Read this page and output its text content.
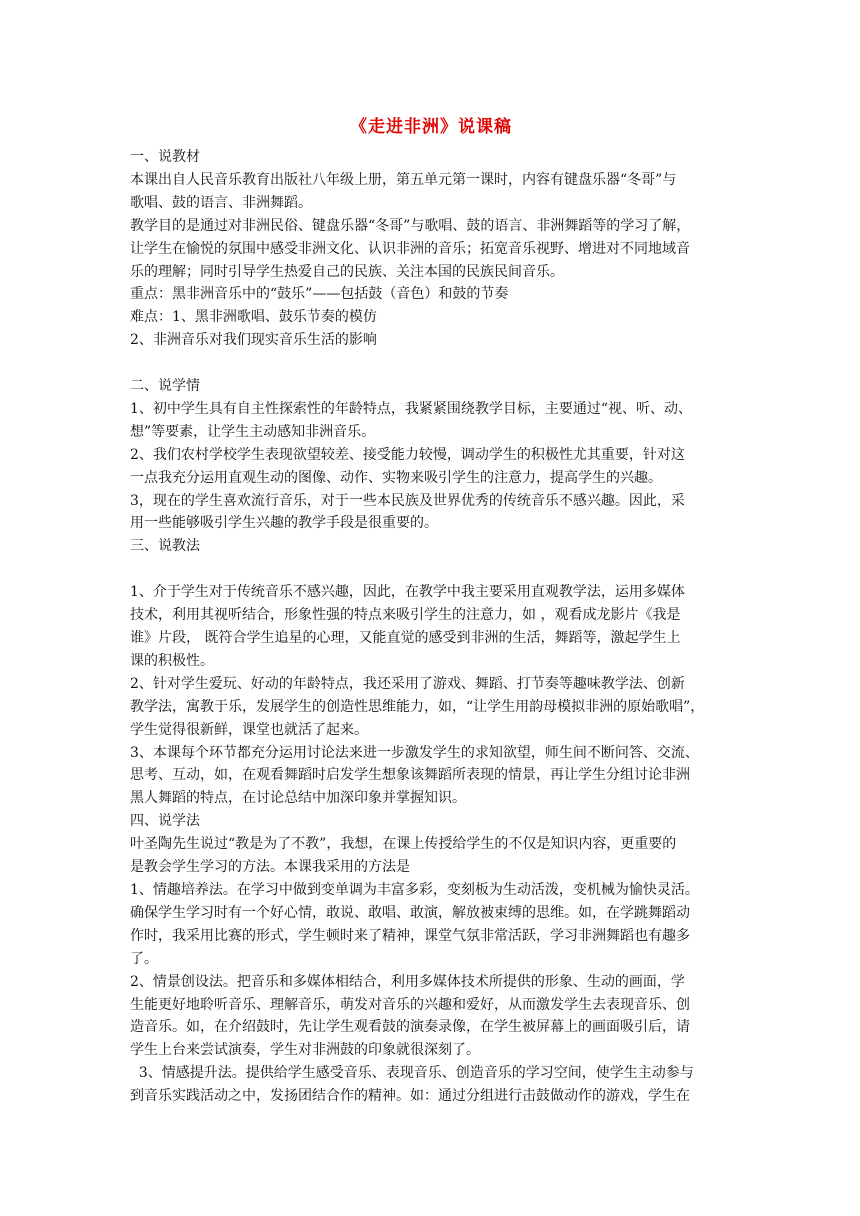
《走进非洲》说课稿

一、说教材

本课出自人民音乐教育出版社八年级上册，第五单元第一课时，内容有键盘乐器“冬哥”与

歌唱、鼓的语言、非洲舞蹈。

教学目的是通过对非洲民俗、键盘乐器“冬哥”与歌唱、鼓的语言、非洲舞蹈等的学习了解，

让学生在愉悦的氛围中感受非洲文化、认识非洲的音乐；拓宽音乐视野、增进对不同地域音

乐的理解；同时引导学生热爱自己的民族、关注本国的民族民间音乐。

重点：黑非洲音乐中的“鼓乐”——包括鼓（音色）和鼓的节奏

难点：1、黑非洲歌唱、鼓乐节奏的模仿

2、非洲音乐对我们现实音乐生活的影响

二、说学情

1、初中学生具有自主性探索性的年龄特点，我紧紧围绕教学目标，主要通过“视、听、动、

想”等要素，让学生主动感知非洲音乐。

2、我们农村学校学生表现欲望较差、接受能力较慢，调动学生的积极性尤其重要，针对这

一点我充分运用直观生动的图像、动作、实物来吸引学生的注意力，提高学生的兴趣。

3，现在的学生喜欢流行音乐，对于一些本民族及世界优秀的传统音乐不感兴趣。因此，采

用一些能够吸引学生兴趣的教学手段是很重要的。

三、说教法

1、介于学生对于传统音乐不感兴趣，因此，在教学中我主要采用直观教学法，运用多媒体

技术，利用其视听结合，形象性强的特点来吸引学生的注意力，如 ，观看成龙影片《我是

谁》片段， 既符合学生追星的心理，又能直觉的感受到非洲的生活，舞蹈等，激起学生上

课的积极性。

2、针对学生爱玩、好动的年龄特点，我还采用了游戏、舞蹈、打节奏等趣味教学法、创新

教学法，寓教于乐，发展学生的创造性思维能力，如，“让学生用韵母模拟非洲的原始歌唱”，

学生觉得很新鲜，课堂也就活了起来。

3、本课每个环节都充分运用讨论法来进一步激发学生的求知欲望，师生间不断问答、交流、

思考、互动，如，在观看舞蹈时启发学生想象该舞蹈所表现的情景，再让学生分组讨论非洲

黑人舞蹈的特点，在讨论总结中加深印象并掌握知识。

四、说学法

叶圣陶先生说过“教是为了不教”，我想，在课上传授给学生的不仅是知识内容，更重要的

是教会学生学习的方法。本课我采用的方法是

1、情趣培养法。在学习中做到变单调为丰富多彩，变刻板为生动活泼，变机械为愉快灵活。

确保学生学习时有一个好心情，敢说、敢唱、敢演，解放被束缚的思维。如，在学跳舞蹈动

作时，我采用比赛的形式，学生顿时来了精神，课堂气氛非常活跃，学习非洲舞蹈也有趣多

了。

2、情景创设法。把音乐和多媒体相结合，利用多媒体技术所提供的形象、生动的画面，学

生能更好地聆听音乐、理解音乐，萌发对音乐的兴趣和爱好，从而激发学生去表现音乐、创

造音乐。如，在介绍鼓时，先让学生观看鼓的演奏录像，在学生被屏幕上的画面吸引后，请

学生上台来尝试演奏，学生对非洲鼓的印象就很深刻了。

3、情感提升法。提供给学生感受音乐、表现音乐、创造音乐的学习空间，使学生主动参与

到音乐实践活动之中，发扬团结合作的精神。如：通过分组进行击鼓做动作的游戏，学生在
